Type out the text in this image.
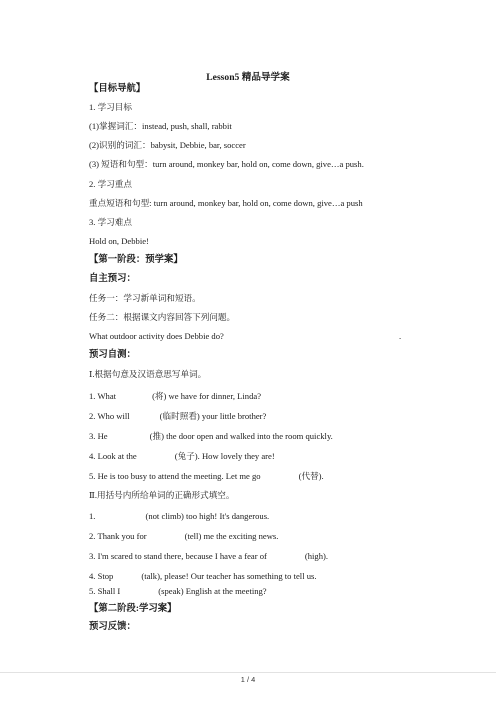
Lesson5 精品导学案
【目标导航】
1. 学习目标
(1)掌握词汇：instead, push, shall, rabbit
(2)识别的词汇：babysit, Debbie, bar, soccer
(3) 短语和句型：turn around, monkey bar, hold on, come down, give…a push.
2. 学习重点
重点短语和句型: turn around, monkey bar, hold on, come down, give…a push
3. 学习难点
Hold on, Debbie!
【第一阶段：预学案】
自主预习：
任务一：学习新单词和短语。
任务二：根据课文内容回答下列问题。
What outdoor activity does Debbie do?	.
预习自测：
Ⅰ.根据句意及汉语意思写单词。
1. What	(将) we have for dinner, Linda?
2. Who will	(临时照看) your little brother?
3. He	(推) the door open and walked into the room quickly.
4. Look at the	(兔子). How lovely they are!
5. He is too busy to attend the meeting. Let me go	(代替).
Ⅱ.用括号内所给单词的正确形式填空。
1.	(not climb) too high! It's dangerous.
2. Thank you for	(tell) me the exciting news.
3. I'm scared to stand there, because I have a fear of	(high).
4. Stop	(talk), please! Our teacher has something to tell us.
5. Shall I	(speak) English at the meeting?
【第二阶段:学习案】
预习反馈：
1 / 4
